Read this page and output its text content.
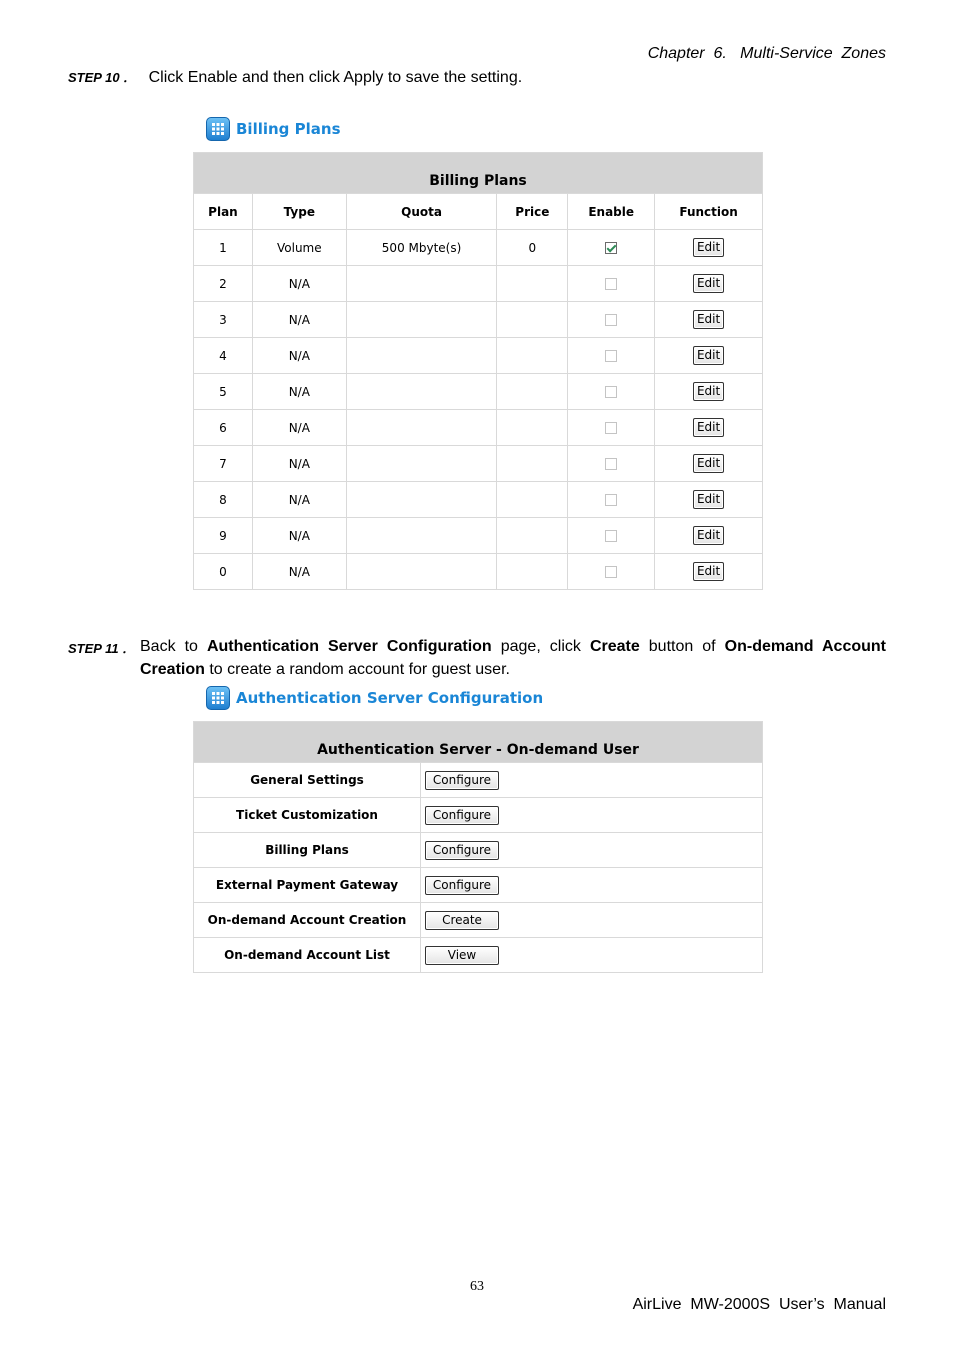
Chapter  6.   Multi-Service  Zones
STEP 10 ． Click Enable and then click Apply to save the setting.
Billing Plans
Billing Plans					
Plan	Type	Quota	Price	Enable	Function
1	Volume	500 Mbyte(s)	0		Edit
2	N/A				Edit
3	N/A				Edit
4	N/A				Edit
5	N/A				Edit
6	N/A				Edit
7	N/A				Edit
8	N/A				Edit
9	N/A				Edit
0	N/A				Edit
STEP 11 ． Back to Authentication Server Configuration page, click Create button of On-demand Account Creation to create a random account for guest user.
Authentication Server Configuration
Authentication Server - On-demand User	
General Settings	Configure
Ticket Customization	Configure
Billing Plans	Configure
External Payment Gateway	Configure
On-demand Account Creation	Create
On-demand Account List	View
63
AirLive  MW-2000S  User’s  Manual
